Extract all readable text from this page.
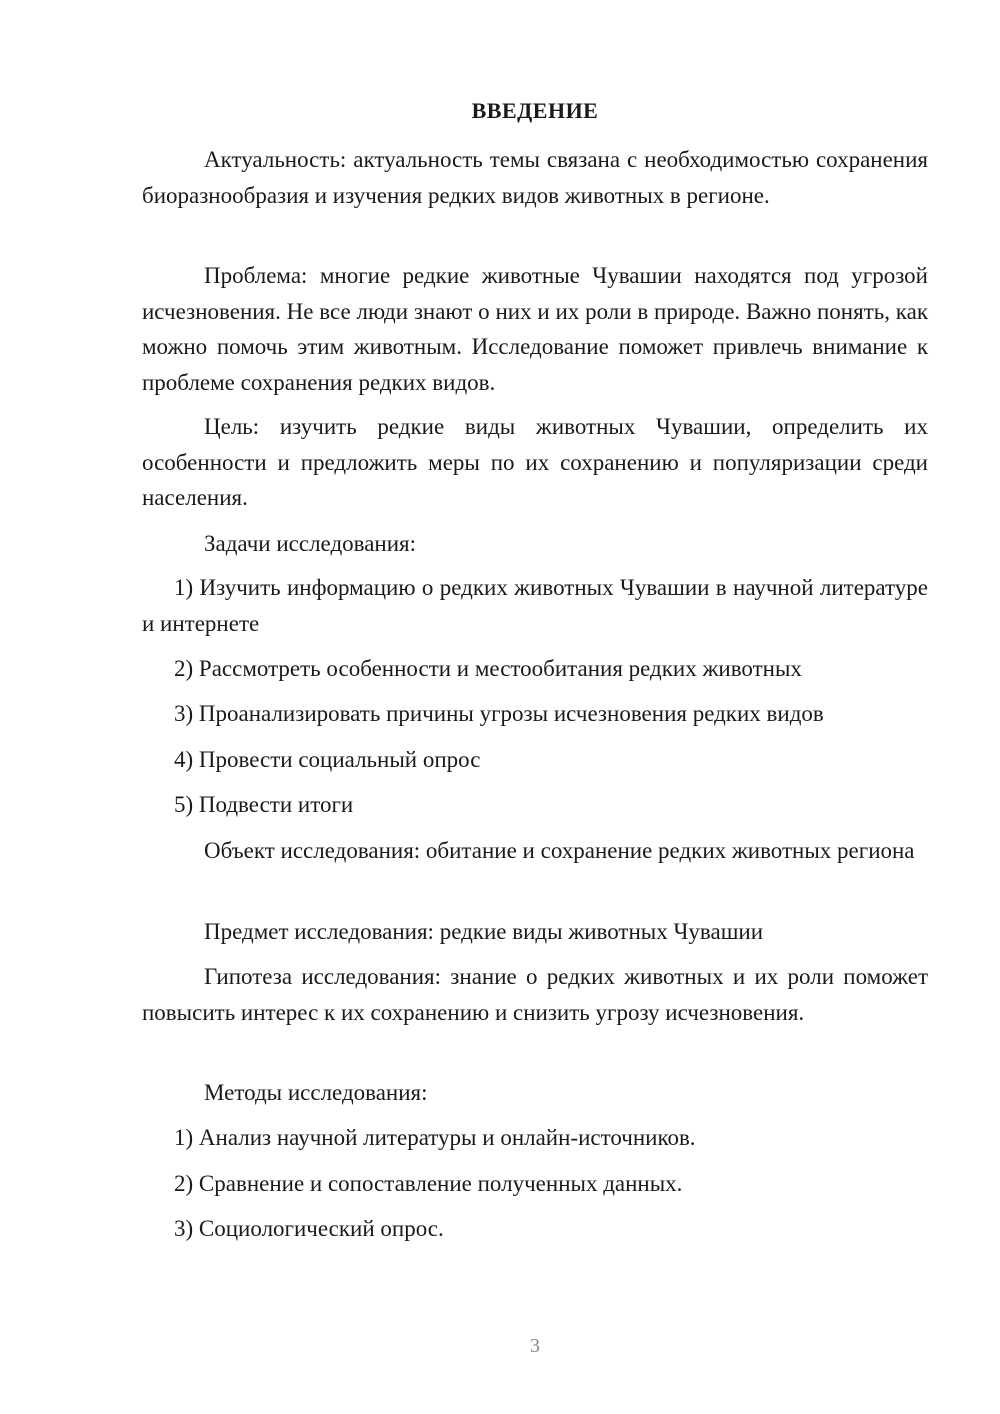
ВВЕДЕНИЕ

Актуальность: актуальность темы связана с необходимостью сохранения биоразнообразия и изучения редких видов животных в регионе.

Проблема: многие редкие животные Чувашии находятся под угрозой исчезновения. Не все люди знают о них и их роли в природе. Важно понять, как можно помочь этим животным. Исследование поможет привлечь внимание к проблеме сохранения редких видов.

Цель: изучить редкие виды животных Чувашии, определить их особенности и предложить меры по их сохранению и популяризации среди населения.

Задачи исследования:

1) Изучить информацию о редких животных Чувашии в научной литературе и интернете

2) Рассмотреть особенности и местообитания редких животных

3) Проанализировать причины угрозы исчезновения редких видов

4) Провести социальный опрос

5) Подвести итоги

Объект исследования: обитание и сохранение редких животных региона

Предмет исследования: редкие виды животных Чувашии

Гипотеза исследования: знание о редких животных и их роли поможет повысить интерес к их сохранению и снизить угрозу исчезновения.

Методы исследования:

1) Анализ научной литературы и онлайн-источников.

2) Сравнение и сопоставление полученных данных.

3) Социологический опрос.

3
